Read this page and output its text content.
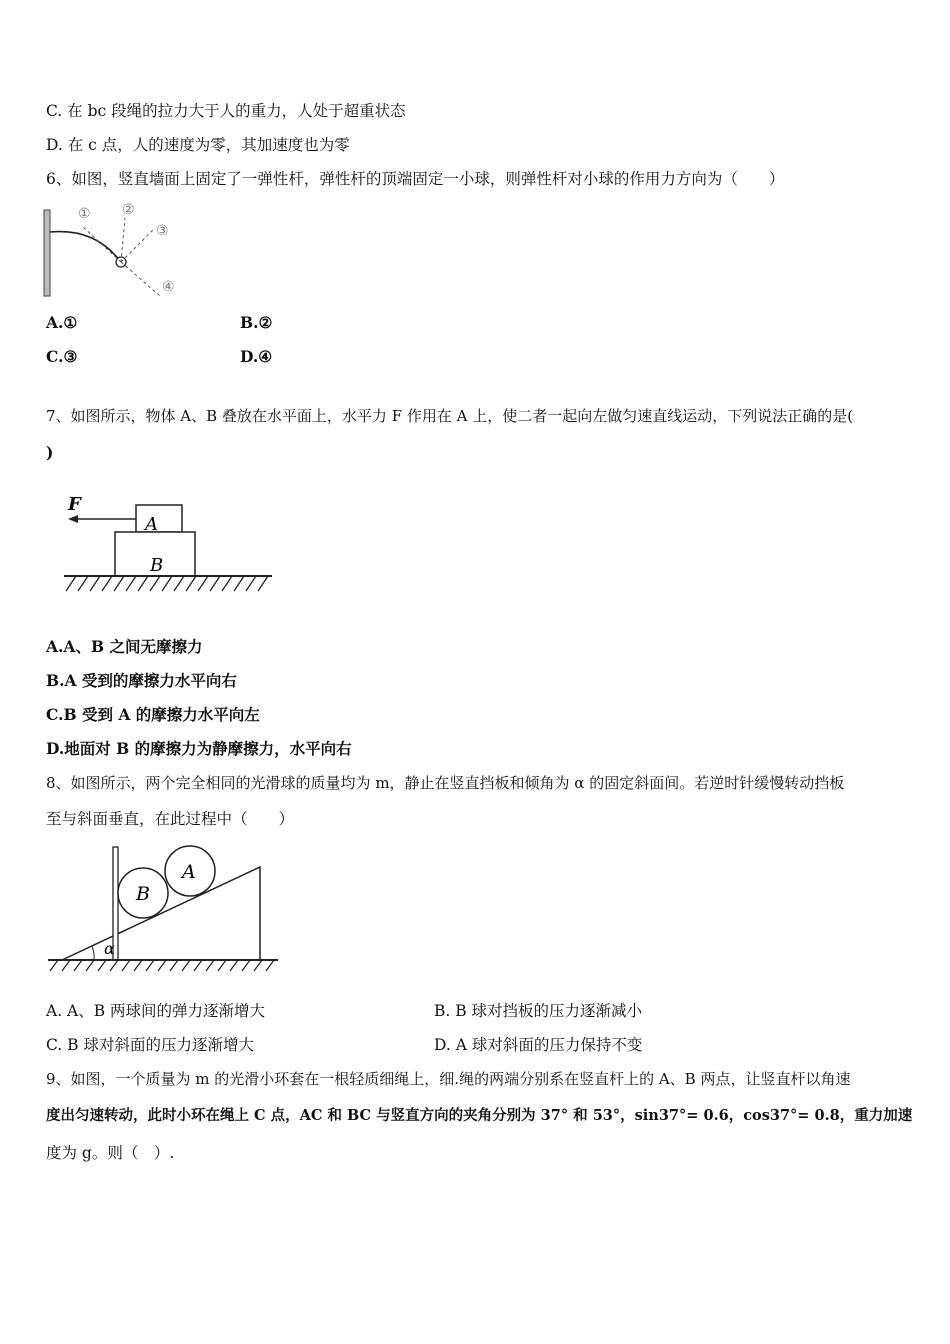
C. 在 bc 段绳的拉力大于人的重力，人处于超重状态
D. 在 c 点，人的速度为零，其加速度也为零
6、如图，竖直墙面上固定了一弹性杆，弹性杆的顶端固定一小球，则弹性杆对小球的作用力方向为（　　）
① ②
③
④
A.①	B.②
C.③	D.④
7、如图所示，物体 A、B 叠放在水平面上，水平力 F 作用在 A 上，使二者一起向左做匀速直线运动，下列说法正确的是(
)
F
A
B
A.A、B 之间无摩擦力
B.A 受到的摩擦力水平向右
C.B 受到 A 的摩擦力水平向左
D.地面对 B 的摩擦力为静摩擦力，水平向右
8、如图所示，两个完全相同的光滑球的质量均为 m，静止在竖直挡板和倾角为 α 的固定斜面间。若逆时针缓慢转动挡板
至与斜面垂直，在此过程中（　　）
B
A
α
A. A、B 两球间的弹力逐渐增大	B. B 球对挡板的压力逐渐减小
C. B 球对斜面的压力逐渐增大	D. A 球对斜面的压力保持不变
9、如图，一个质量为 m 的光滑小环套在一根轻质细绳上，细.绳的两端分别系在竖直杆上的 A、B 两点，让竖直杆以角速
度出匀速转动，此时小环在绳上 C 点，AC 和 BC 与竖直方向的夹角分别为 37° 和 53°，sin37°= 0.6，cos37°= 0.8，重力加速
度为 g。则（　）.
